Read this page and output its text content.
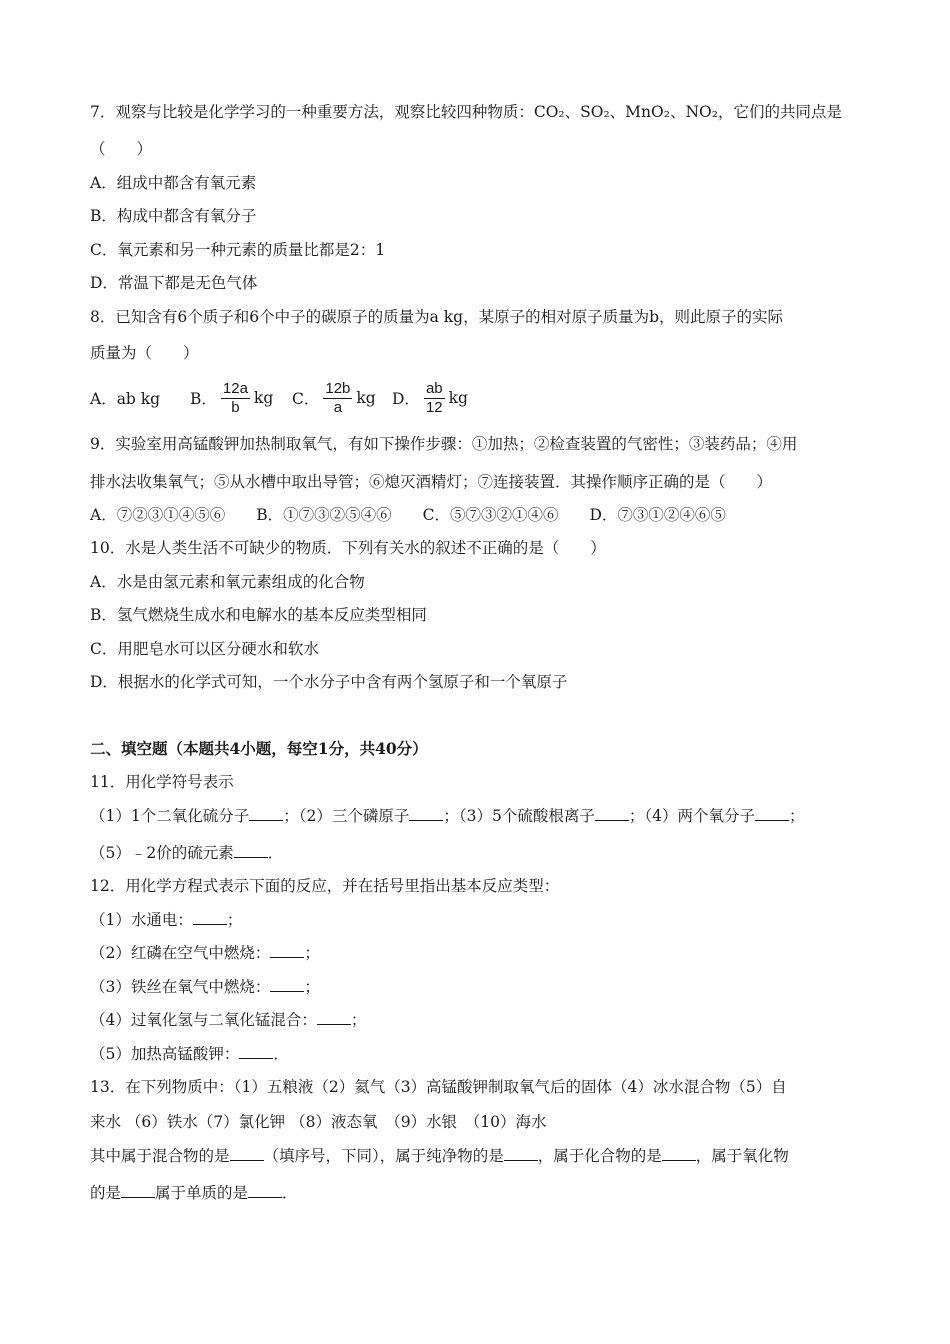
7．观察与比较是化学学习的一种重要方法，观察比较四种物质：CO₂、SO₂、MnO₂、NO₂，它们的共同点是
（　　）
A．组成中都含有氧元素
B．构成中都含有氧分子
C．氧元素和另一种元素的质量比都是2：1
D．常温下都是无色气体
8．已知含有6个质子和6个中子的碳原子的质量为a kg，某原子的相对原子质量为b，则此原子的实际
质量为（　　）
A．ab kg B． $\frac{12a}{b}$ kg C． $\frac{12b}{a}$ kg D． $\frac{ab}{12}$ kg
9．实验室用高锰酸钾加热制取氧气，有如下操作步骤：①加热；②检查装置的气密性；③装药品；④用
排水法收集氧气；⑤从水槽中取出导管；⑥熄灭酒精灯；⑦连接装置．其操作顺序正确的是（　　）
A．⑦②③①④⑤⑥　　B．①⑦③②⑤④⑥　　C．⑤⑦③②①④⑥　　D．⑦③①②④⑥⑤
10．水是人类生活不可缺少的物质．下列有关水的叙述不正确的是（　　）
A．水是由氢元素和氧元素组成的化合物
B．氢气燃烧生成水和电解水的基本反应类型相同
C．用肥皂水可以区分硬水和软水
D．根据水的化学式可知，一个水分子中含有两个氢原子和一个氧原子
二、填空题（本题共4小题，每空1分，共40分）
11．用化学符号表示
（1）1个二氧化硫分子 ；（2）三个磷原子 ；（3）5个硫酸根离子 ；（4）两个氧分子 ；
（5）﹣2价的硫元素 ．
12．用化学方程式表示下面的反应，并在括号里指出基本反应类型：
（1）水通电： ；
（2）红磷在空气中燃烧： ；
（3）铁丝在氧气中燃烧： ；
（4）过氧化氢与二氧化锰混合： ；
（5）加热高锰酸钾： ．
13．在下列物质中：（1）五粮液（2）氦气（3）高锰酸钾制取氧气后的固体（4）冰水混合物（5）自
来水 （6）铁水（7）氯化钾 （8）液态氧　（9）水银　（10）海水
其中属于混合物的是 （填序号，下同），属于纯净物的是 ，属于化合物的是 ，属于氧化物
的是 属于单质的是 ．
